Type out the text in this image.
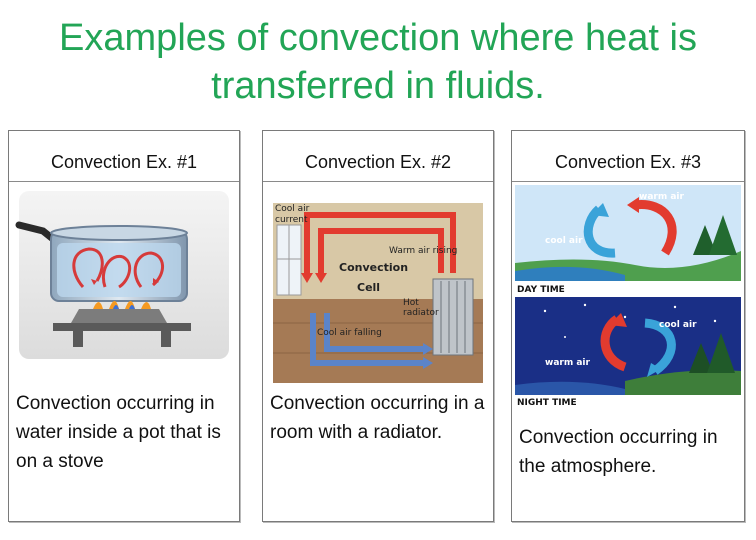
Examples of convection where heat is transferred in fluids.
Convection Ex. #1
Convection occurring in water inside a pot that is on a stove
Convection Ex. #2
Cool air
current
Warm air rising
Convection
Cell
Hot
radiator
Cool air falling
Convection occurring in a room with a radiator.
Convection Ex. #3
warm air
cool air
DAY TIME
cool air
warm air
NIGHT TIME
Convection occurring in the atmosphere.
